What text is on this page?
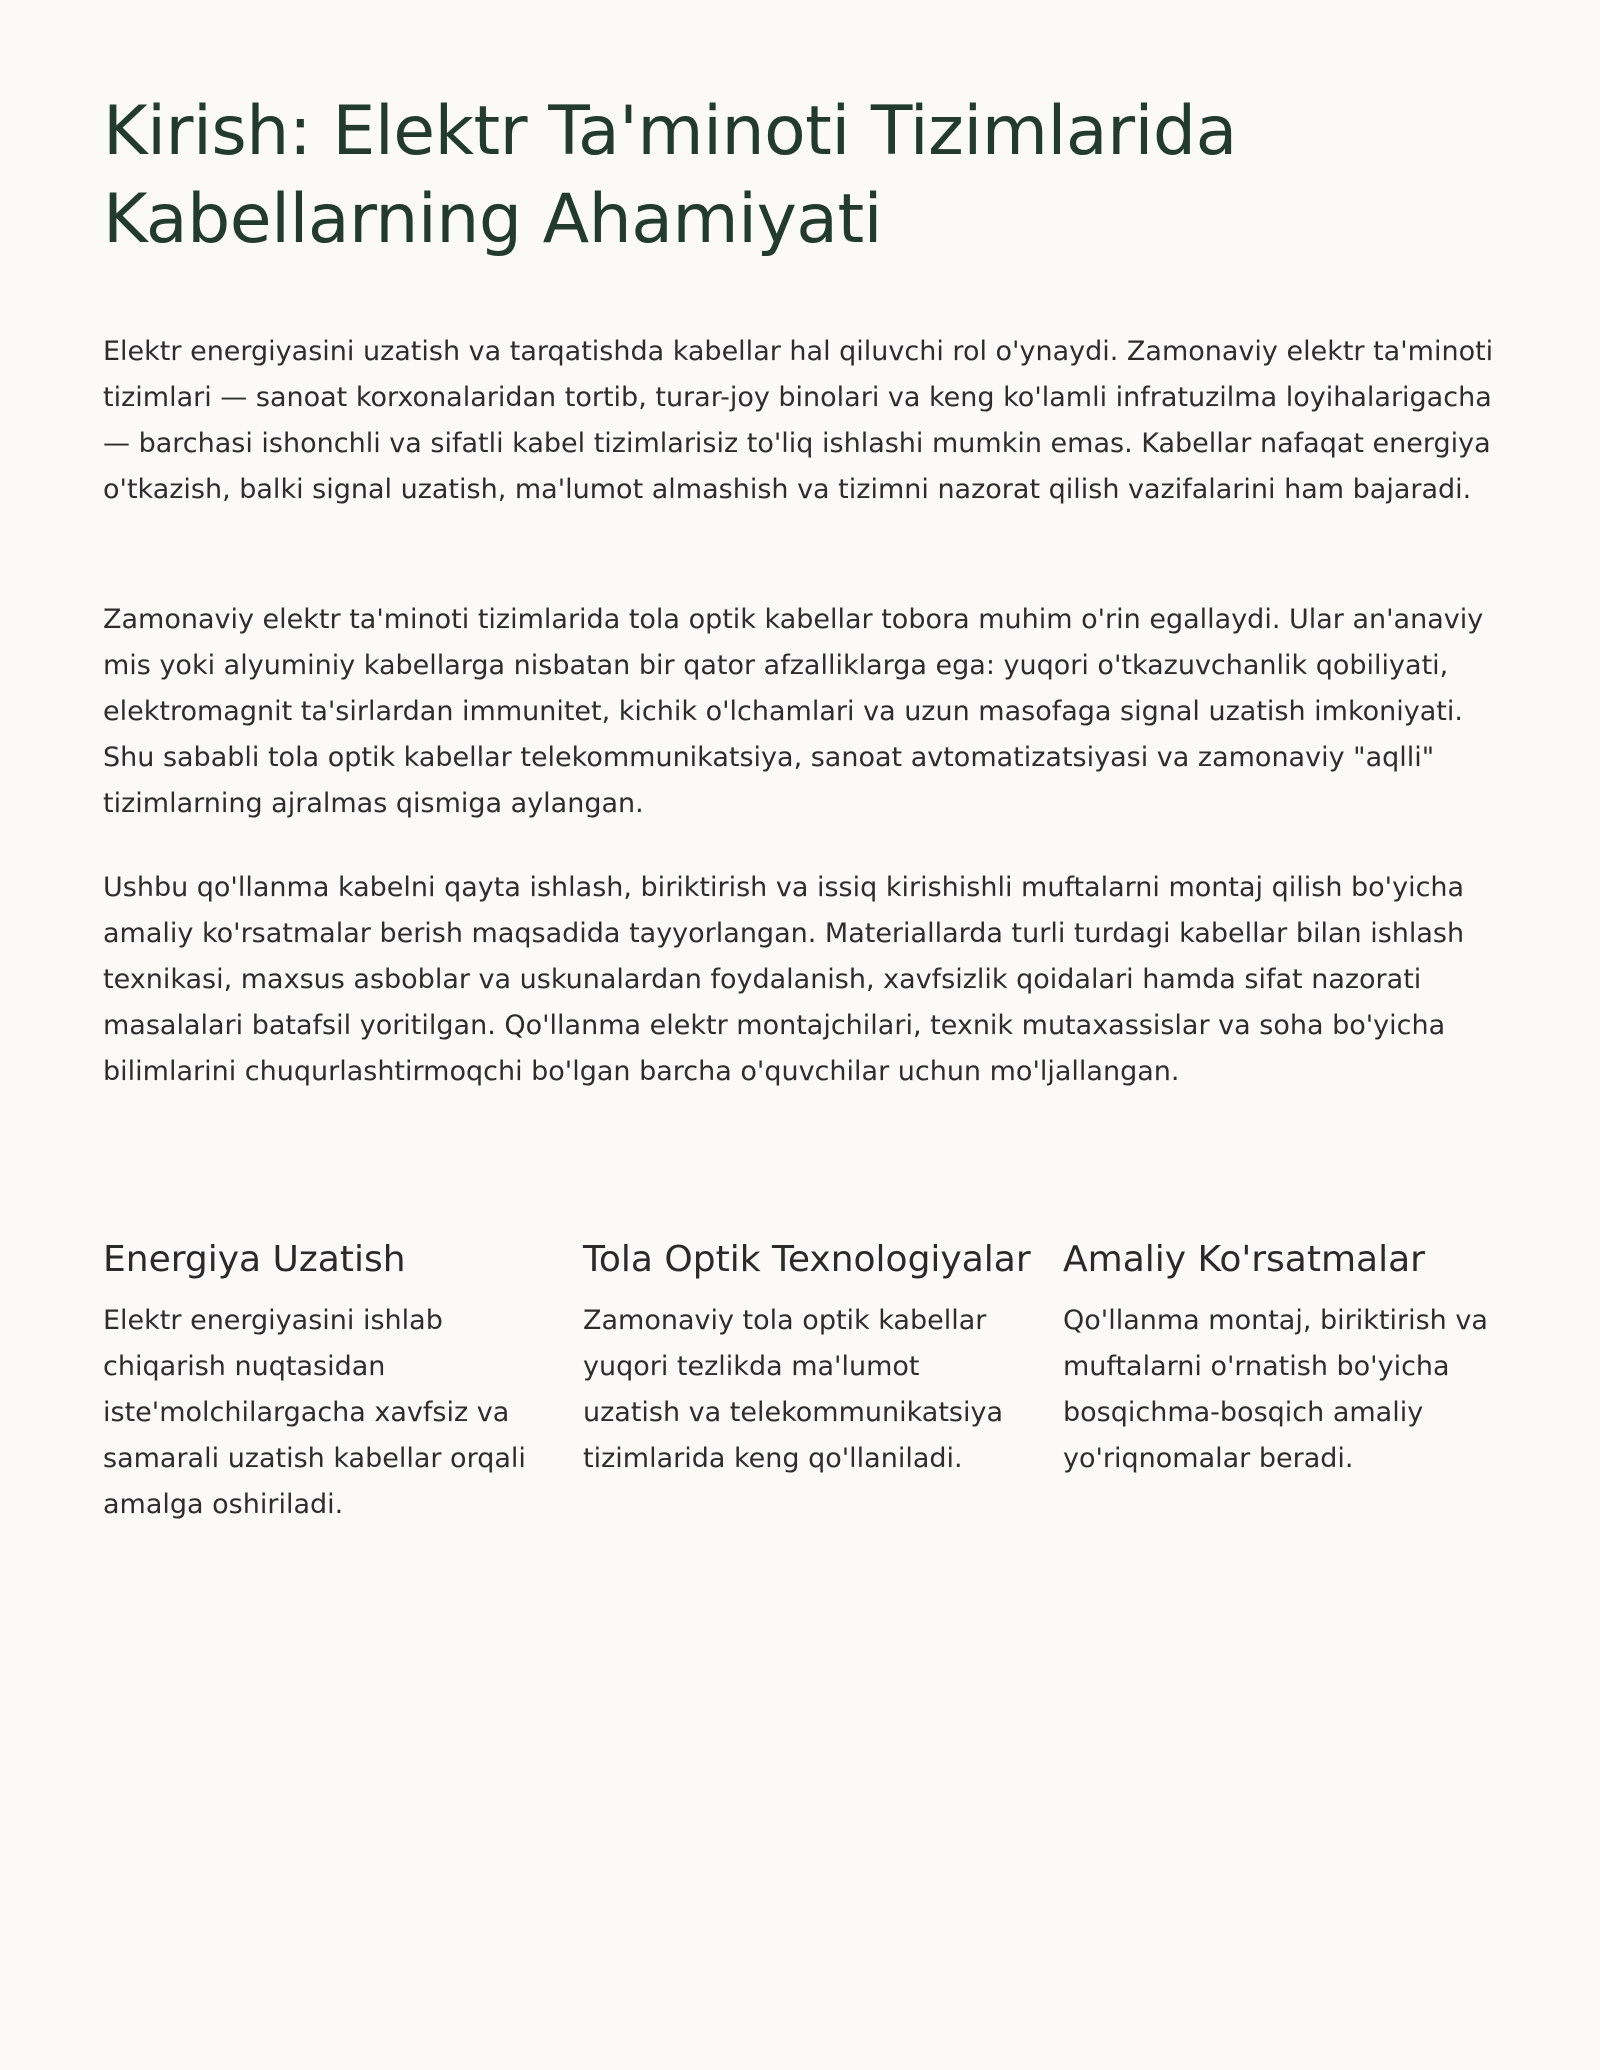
Kirish: Elektr Ta'minoti Tizimlarida Kabellarning Ahamiyati

Elektr energiyasini uzatish va tarqatishda kabellar hal qiluvchi rol o'ynaydi. Zamonaviy elektr ta'minoti tizimlari — sanoat korxonalaridan tortib, turar-joy binolari va keng ko'lamli infratuzilma loyihalarigacha — barchasi ishonchli va sifatli kabel tizimlarisiz to'liq ishlashi mumkin emas. Kabellar nafaqat energiya o'tkazish, balki signal uzatish, ma'lumot almashish va tizimni nazorat qilish vazifalarini ham bajaradi.

Zamonaviy elektr ta'minoti tizimlarida tola optik kabellar tobora muhim o'rin egallaydi. Ular an'anaviy mis yoki alyuminiy kabellarga nisbatan bir qator afzalliklarga ega: yuqori o'tkazuvchanlik qobiliyati, elektromagnit ta'sirlardan immunitet, kichik o'lchamlari va uzun masofaga signal uzatish imkoniyati. Shu sababli tola optik kabellar telekommunikatsiya, sanoat avtomatizatsiyasi va zamonaviy "aqlli" tizimlarning ajralmas qismiga aylangan.

Ushbu qo'llanma kabelni qayta ishlash, biriktirish va issiq kirishishli muftalarni montaj qilish bo'yicha amaliy ko'rsatmalar berish maqsadida tayyorlangan. Materiallarda turli turdagi kabellar bilan ishlash texnikasi, maxsus asboblar va uskunalardan foydalanish, xavfsizlik qoidalari hamda sifat nazorati masalalari batafsil yoritilgan. Qo'llanma elektr montajchilari, texnik mutaxassislar va soha bo'yicha bilimlarini chuqurlashtirmoqchi bo'lgan barcha o'quvchilar uchun mo'ljallangan.

Energiya Uzatish

Elektr energiyasini ishlab chiqarish nuqtasidan iste'molchilargacha xavfsiz va samarali uzatish kabellar orqali amalga oshiriladi.

Tola Optik Texnologiyalar

Zamonaviy tola optik kabellar yuqori tezlikda ma'lumot uzatish va telekommunikatsiya tizimlarida keng qo'llaniladi.

Amaliy Ko'rsatmalar

Qo'llanma montaj, biriktirish va muftalarni o'rnatish bo'yicha bosqichma-bosqich amaliy yo'riqnomalar beradi.
